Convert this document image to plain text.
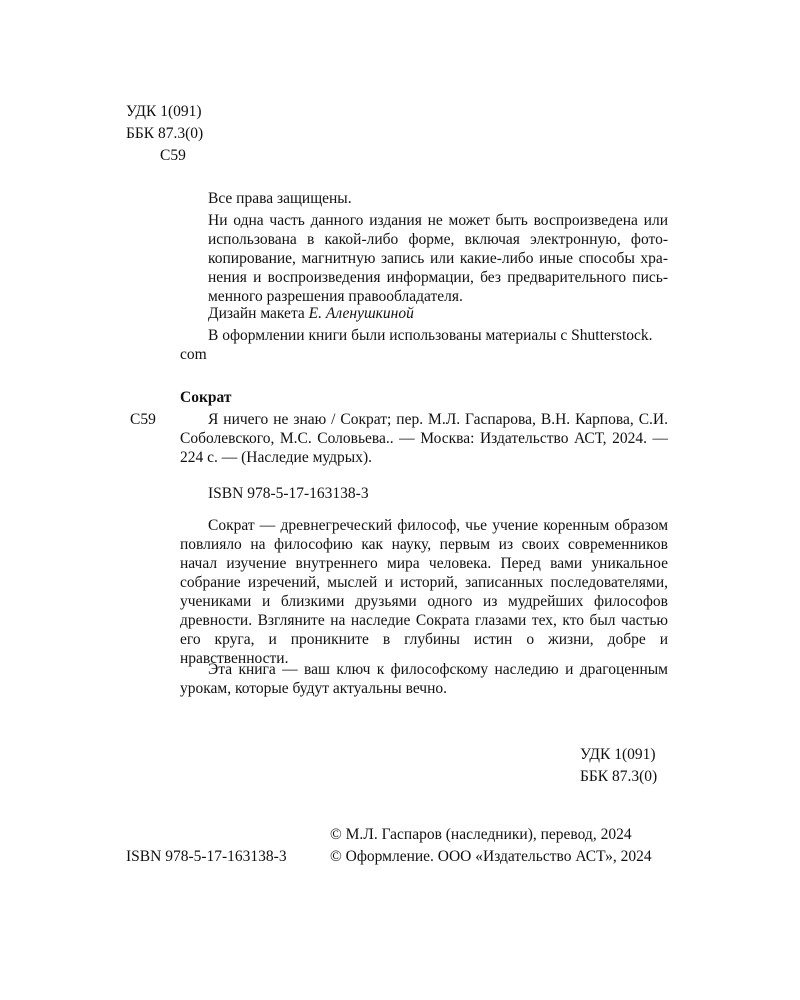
УДК 1(091)

ББК 87.3(0)

С59

Все права защищены.

Ни одна часть данного издания не может быть воспроизведена или использована в какой-либо форме, включая электронную, фотокопирование, магнитную запись или какие-либо иные способы хранения и воспроизведения информации, без предварительного письменного разрешения правообладателя.

Дизайн макета Е. Аленушкиной

В оформлении книги были использованы материалы с Shutterstock.

com

Сократ

С59	Я ничего не знаю / Сократ; пер. М.Л. Гаспарова, В.Н. Карпова, С.И. Соболевского, М.С. Соловьева.. — Москва: Издательство АСТ, 2024. — 224 с. — (Наследие мудрых).

ISBN 978-5-17-163138-3

Сократ — древнегреческий философ, чье учение коренным образом повлияло на философию как науку, первым из своих современников начал изучение внутреннего мира человека. Перед вами уникальное собрание изречений, мыслей и историй, записанных последователями, учениками и близкими друзьями одного из мудрейших философов древности. Взгляните на наследие Сократа глазами тех, кто был частью его круга, и проникните в глубины истин о жизни, добре и нравственности.

Эта книга — ваш ключ к философскому наследию и драгоценным урокам, которые будут актуальны вечно.

УДК 1(091)

ББК 87.3(0)

© М.Л. Гаспаров (наследники), перевод, 2024

ISBN 978-5-17-163138-3	© Оформление. ООО «Издательство АСТ», 2024
